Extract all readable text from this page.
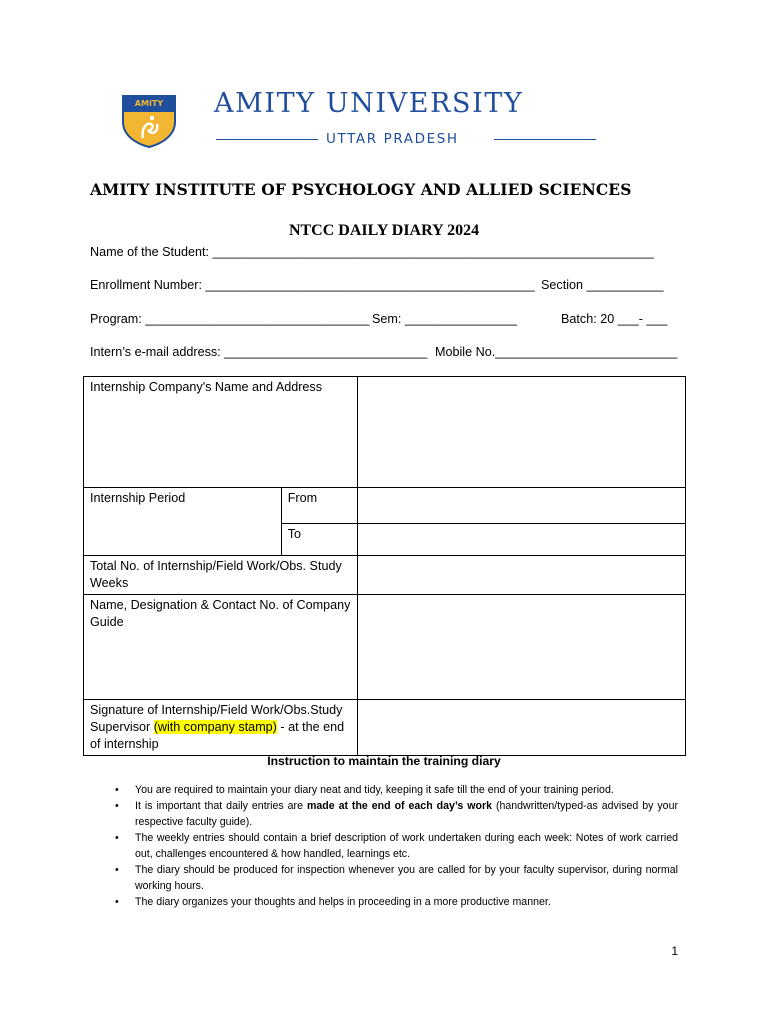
AMITY AMITY UNIVERSITY
UTTAR PRADESH
AMITY INSTITUTE OF PSYCHOLOGY AND ALLIED SCIENCES
NTCC DAILY DIARY 2024
Name of the Student: _______________________________________________________________
Enrollment Number: _______________________________________________ Section ___________
Program: ________________________________ Sem: ________________	Batch: 20 ___- ___
Intern’s e-mail address: _____________________________ Mobile No.__________________________
Internship Company's Name and Address		
Internship Period	From	
	To	
Total No. of Internship/Field Work/Obs. Study Weeks		
Name, Designation & Contact No. of Company Guide		
Signature of Internship/Field Work/Obs.Study Supervisor (with company stamp) - at the end of internship		
Instruction to maintain the training diary
• You are required to maintain your diary neat and tidy, keeping it safe till the end of your training period.
• It is important that daily entries are made at the end of each day’s work (handwritten/typed-as advised by your respective faculty guide).
• The weekly entries should contain a brief description of work undertaken during each week: Notes of work carried out, challenges encountered & how handled, learnings etc.
• The diary should be produced for inspection whenever you are called for by your faculty supervisor, during normal working hours.
• The diary organizes your thoughts and helps in proceeding in a more productive manner.
1
